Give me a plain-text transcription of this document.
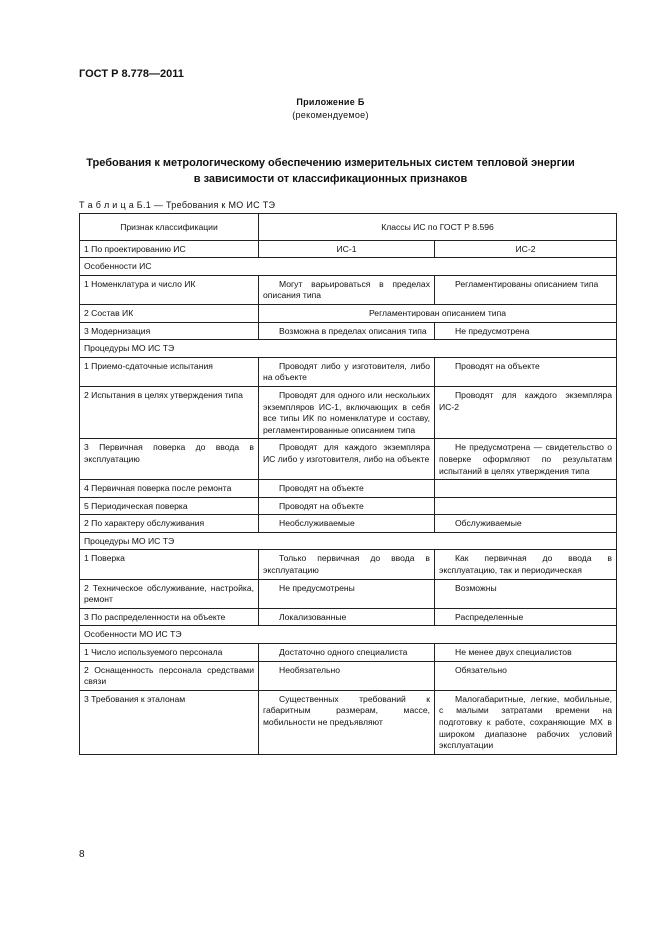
ГОСТ Р 8.778—2011
Приложение Б
(рекомендуемое)
Требования к метрологическому обеспечению измерительных систем тепловой энергии
в зависимости от классификационных признаков
Т а б л и ц а Б.1 — Требования к МО ИС ТЭ
Признак классификации	Классы ИС по ГОСТ Р 8.596	
1 По проектированию ИС	ИС-1	ИС-2
Особенности ИС		
1 Номенклатура и число ИК	Могут варьироваться в пределах описания типа	Регламентированы описанием типа
2 Состав ИК	Регламентирован описанием типа	
3 Модернизация	Возможна в пределах описания типа	Не предусмотрена
Процедуры МО ИС ТЭ		
1 Приемо-сдаточные испытания	Проводят либо у изготовителя, либо на объекте	Проводят на объекте
2 Испытания в целях утверждения типа	Проводят для одного или нескольких экземпляров ИС-1, включающих в себя все типы ИК по номенклатуре и составу, регламентированные описанием типа	Проводят для каждого экземпляра ИС-2
3 Первичная поверка до ввода в эксплуатацию	Проводят для каждого экземпляра ИС либо у изготовителя, либо на объекте	Не предусмотрена — свидетельство о поверке оформляют по результатам испытаний в целях утверждения типа
4 Первичная поверка после ремонта	Проводят на объекте	
5 Периодическая поверка	Проводят на объекте	
2 По характеру обслуживания	Необслуживаемые	Обслуживаемые
Процедуры МО ИС ТЭ		
1 Поверка	Только первичная до ввода в эксплуатацию	Как первичная до ввода в эксплуатацию, так и периодическая
2 Техническое обслуживание, настройка, ремонт	Не предусмотрены	Возможны
3 По распределенности на объекте	Локализованные	Распределенные
Особенности МО ИС ТЭ		
1 Число используемого персонала	Достаточно одного специалиста	Не менее двух специалистов
2 Оснащенность персонала средствами связи	Необязательно	Обязательно
3 Требования к эталонам	Существенных требований к габаритным размерам, массе, мобильности не предъявляют	Малогабаритные, легкие, мобильные, с малыми затратами времени на подготовку к работе, сохраняющие МХ в широком диапазоне рабочих условий эксплуатации
8
